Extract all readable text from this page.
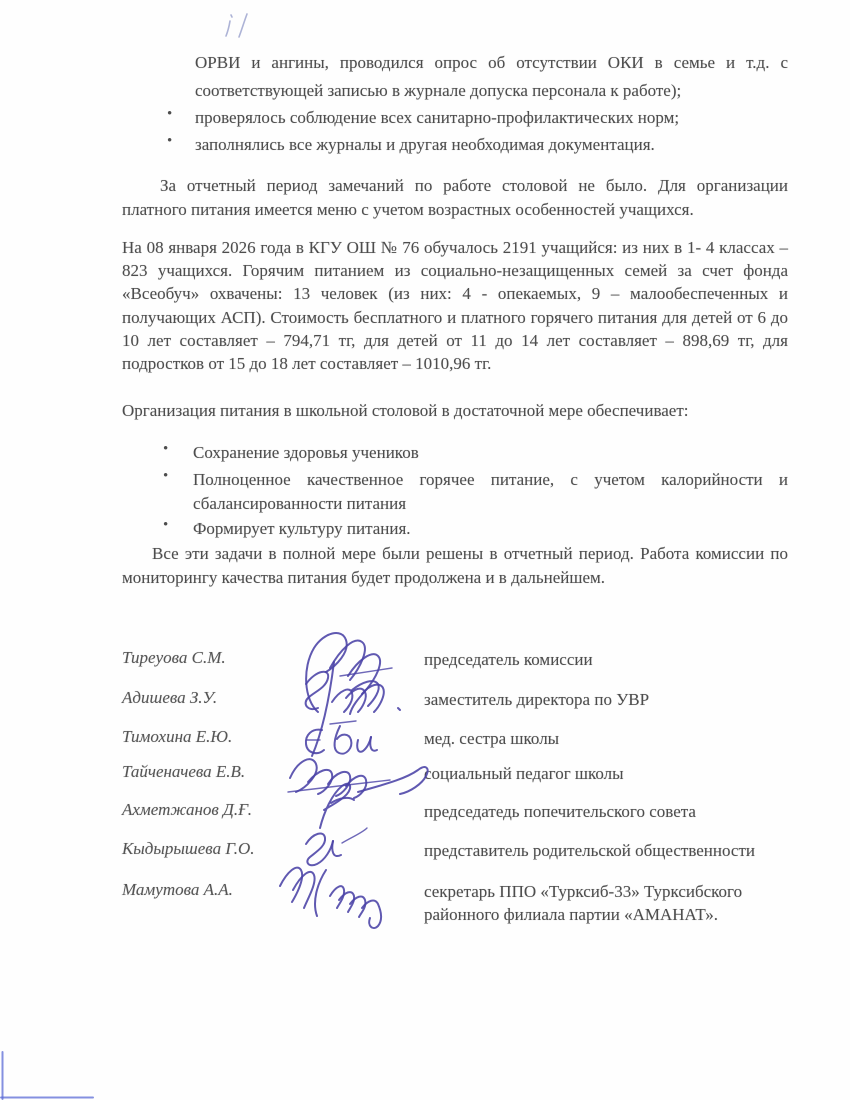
ОРВИ и ангины, проводился опрос об отсутствии ОКИ в семье и т.д. с соответствующей записью в журнале допуска персонала к работе);
•	проверялось соблюдение всех санитарно-профилактических норм;
•	заполнялись все журналы и другая необходимая документация.
За отчетный период замечаний по работе столовой не было. Для организации платного питания имеется меню с учетом возрастных особенностей учащихся.
На 08 января 2026 года в КГУ ОШ № 76 обучалось 2191 учащийся: из них в 1- 4 классах – 823 учащихся. Горячим питанием из социально-незащищенных семей за счет фонда «Всеобуч» охвачены: 13 человек (из них: 4 - опекаемых, 9 – малообеспеченных и получающих АСП). Стоимость бесплатного и платного горячего питания для детей от 6 до 10 лет составляет – 794,71 тг, для детей от 11 до 14 лет составляет – 898,69 тг, для подростков от 15 до 18 лет составляет – 1010,96 тг.
Организация питания в школьной столовой в достаточной мере обеспечивает:
•	Сохранение здоровья учеников
•	Полноценное качественное горячее питание, с учетом калорийности и сбалансированности питания
•	Формирует культуру питания.
Все эти задачи в полной мере были решены в отчетный период. Работа комиссии по мониторингу качества питания будет продолжена и в дальнейшем.
Тиреуова С.М.	председатель комиссии
Адишева З.У.	заместитель директора по УВР
Тимохина Е.Ю.	мед. сестра школы
Тайченачева Е.В.	социальный педагог школы
Ахметжанов Д.Ғ.	председатедь попечительского совета
Кыдырышева Г.О.	представитель родительской общественности
Мамутова А.А.	секретарь ППО «Турксиб-33» Турксибского районного филиала партии «АМАНАТ».
